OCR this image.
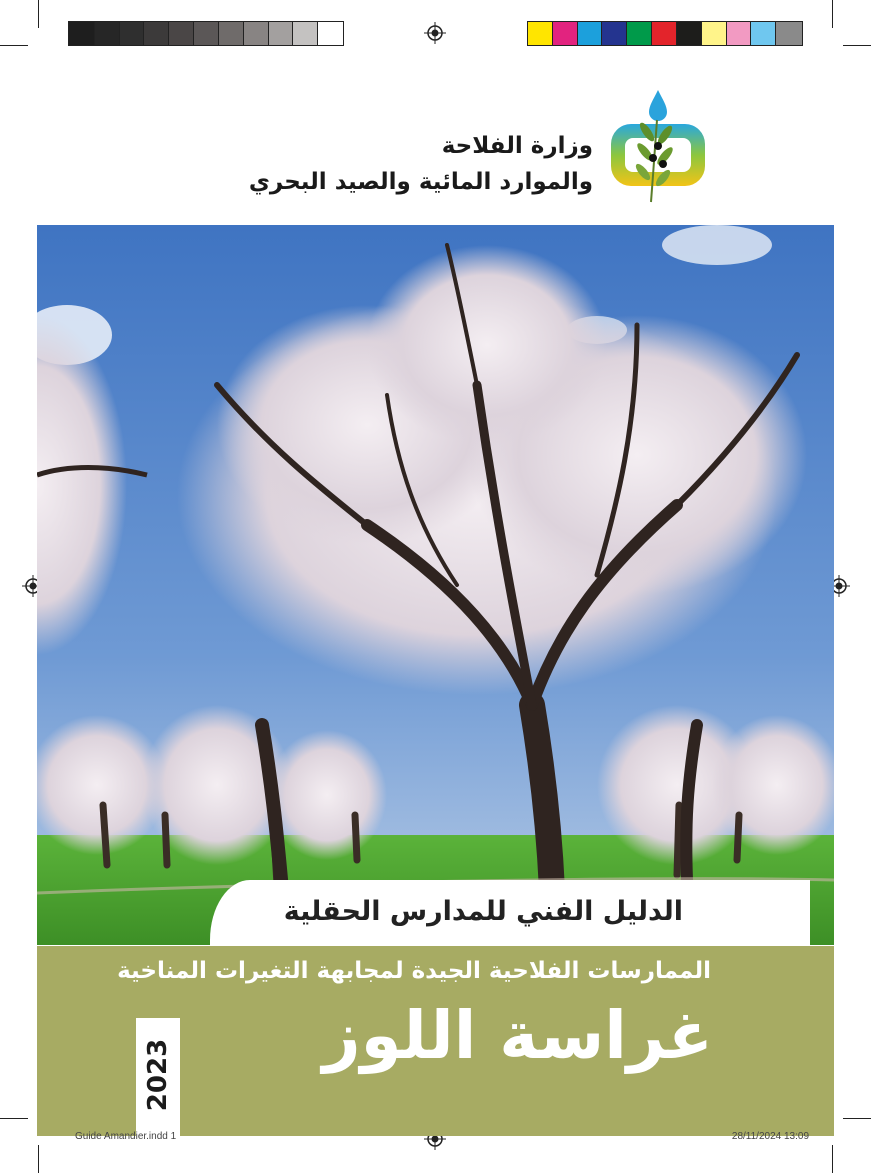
وزارة الفلاحة
والموارد المائية والصيد البحري
الدليل الفني للمدارس الحقلية
الممارسات الفلاحية الجيدة لمجابهة التغيرات المناخية
غراسة اللوز
2023
Guide Amandier.indd 1	28/11/2024 13:09
